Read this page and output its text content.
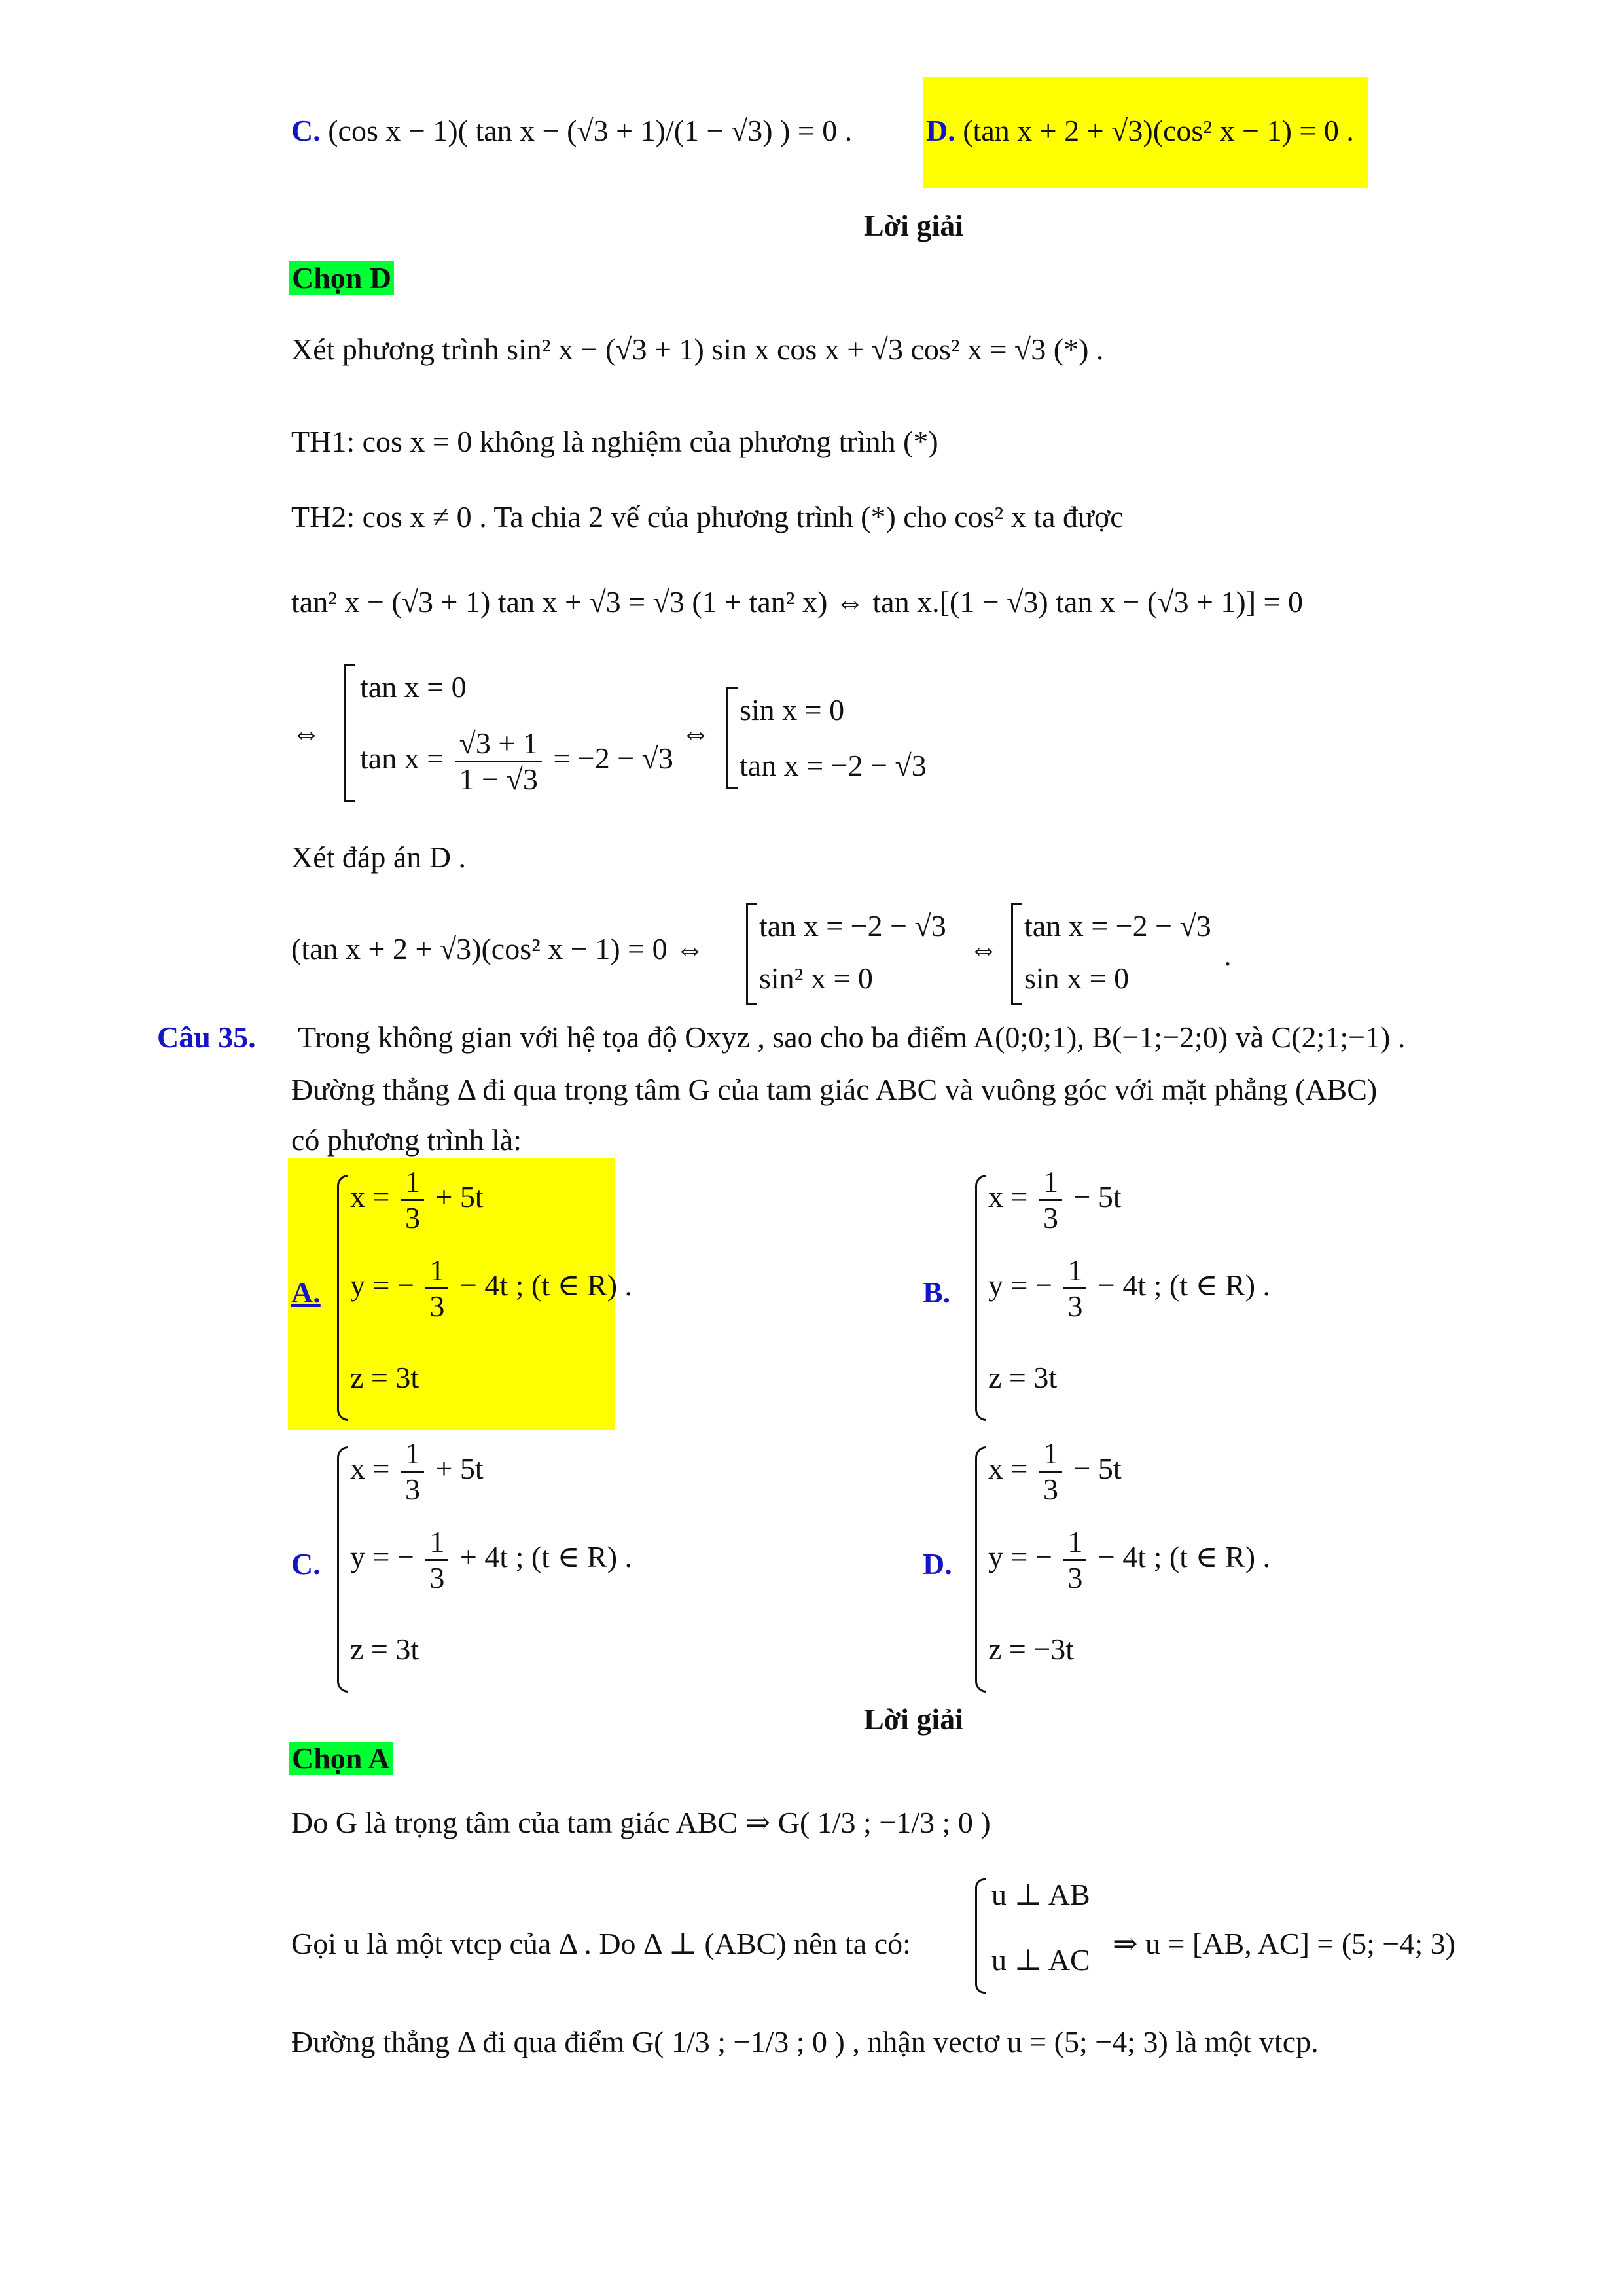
C. (cos x − 1)( tan x − (√3 + 1)/(1 − √3) ) = 0 . D. (tan x + 2 + √3)(cos² x − 1) = 0 .
Lời giải
Chọn D
Xét phương trình sin² x − (√3 + 1) sin x cos x + √3 cos² x = √3 (*) .
TH1: cos x = 0 không là nghiệm của phương trình (*)
TH2: cos x ≠ 0 . Ta chia 2 vế của phương trình (*) cho cos² x ta được
tan² x − (√3 + 1) tan x + √3 = √3 (1 + tan² x) ⇔ tan x.[(1 − √3) tan x − (√3 + 1)] = 0
⇔
tan x = 0
$\tan x = \frac{√3 + 1}{1 - √3} = -2 - √3$
⇔
sin x = 0
tan x = −2 − √3
Xét đáp án D .
(tan x + 2 + √3)(cos² x − 1) = 0 ⇔
tan x = −2 − √3
sin² x = 0
⇔
tan x = −2 − √3
sin x = 0
.
Câu 35. Trong không gian với hệ tọa độ Oxyz , sao cho ba điểm A(0;0;1), B(−1;−2;0) và C(2;1;−1) .
Đường thẳng Δ đi qua trọng tâm G của tam giác ABC và vuông góc với mặt phẳng (ABC)
có phương trình là:
A.
$x = \frac{1}{3} + 5t$
y = − $\frac{1}{3} - 4t$ ; (t ∈ R) .
z = 3t
B.
$x = \frac{1}{3} - 5t$
y = − $\frac{1}{3} - 4t$ ; (t ∈ R) .
z = 3t
C.
$x = \frac{1}{3} + 5t$
y = − $\frac{1}{3} + 4t$ ; (t ∈ R) .
z = 3t
D.
$x = \frac{1}{3} - 5t$
y = − $\frac{1}{3} - 4t$ ; (t ∈ R) .
z = −3t
Lời giải
Chọn A
Do G là trọng tâm của tam giác ABC ⇒ G( 1/3 ; −1/3 ; 0 )
Gọi u là một vtcp của Δ . Do Δ ⊥ (ABC) nên ta có:
u ⊥ AB
u ⊥ AC ⇒ u = [AB, AC] = (5; −4; 3)
Đường thẳng Δ đi qua điểm G( 1/3 ; −1/3 ; 0 ) , nhận vectơ u = (5; −4; 3) là một vtcp.
